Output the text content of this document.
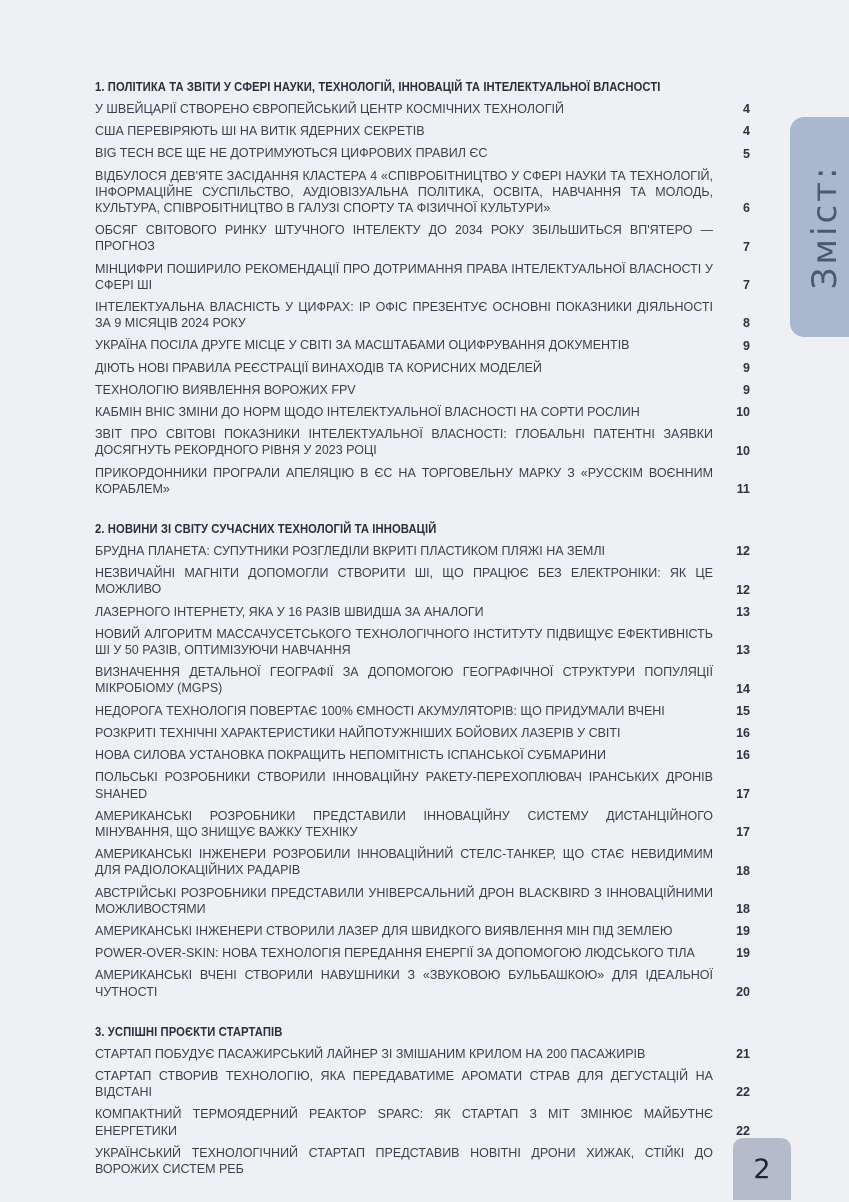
1. ПОЛІТИКА ТА ЗВІТИ У СФЕРІ НАУКИ, ТЕХНОЛОГІЙ, ІННОВАЦІЙ ТА ІНТЕЛЕКТУАЛЬНОЇ ВЛАСНОСТІ
У ШВЕЙЦАРІЇ СТВОРЕНО ЄВРОПЕЙСЬКИЙ ЦЕНТР КОСМІЧНИХ ТЕХНОЛОГІЙ	4
США ПЕРЕВІРЯЮТЬ ШІ НА ВИТІК ЯДЕРНИХ СЕКРЕТІВ	4
BIG TECH ВСЕ ЩЕ НЕ ДОТРИМУЮТЬСЯ ЦИФРОВИХ ПРАВИЛ ЄС	5
ВІДБУЛОСЯ ДЕВ'ЯТЕ ЗАСІДАННЯ КЛАСТЕРА 4 «СПІВРОБІТНИЦТВО У СФЕРІ НАУКИ ТА ТЕХНОЛОГІЙ, ІНФОРМАЦІЙНЕ СУСПІЛЬСТВО, АУДІОВІЗУАЛЬНА ПОЛІТИКА, ОСВІТА, НАВЧАННЯ ТА МОЛОДЬ, КУЛЬТУРА, СПІВРОБІТНИЦТВО В ГАЛУЗІ СПОРТУ ТА ФІЗИЧНОЇ КУЛЬТУРИ»	6
ОБСЯГ СВІТОВОГО РИНКУ ШТУЧНОГО ІНТЕЛЕКТУ ДО 2034 РОКУ ЗБІЛЬШИТЬСЯ ВП'ЯТЕРО — ПРОГНОЗ	7
МІНЦИФРИ ПОШИРИЛО РЕКОМЕНДАЦІЇ ПРО ДОТРИМАННЯ ПРАВА ІНТЕЛЕКТУАЛЬНОЇ ВЛАСНОСТІ У СФЕРІ ШІ	7
ІНТЕЛЕКТУАЛЬНА ВЛАСНІСТЬ У ЦИФРАХ: IP ОФІС ПРЕЗЕНТУЄ ОСНОВНІ ПОКАЗНИКИ ДІЯЛЬНОСТІ ЗА 9 МІСЯЦІВ 2024 РОКУ	8
УКРАЇНА ПОСІЛА ДРУГЕ МІСЦЕ У СВІТІ ЗА МАСШТАБАМИ ОЦИФРУВАННЯ ДОКУМЕНТІВ	9
ДІЮТЬ НОВІ ПРАВИЛА РЕЄСТРАЦІЇ ВИНАХОДІВ ТА КОРИСНИХ МОДЕЛЕЙ	9
ТЕХНОЛОГІЮ ВИЯВЛЕННЯ ВОРОЖИХ FPV	9
КАБМІН ВНІС ЗМІНИ ДО НОРМ ЩОДО ІНТЕЛЕКТУАЛЬНОЇ ВЛАСНОСТІ НА СОРТИ РОСЛИН	10
ЗВІТ ПРО СВІТОВІ ПОКАЗНИКИ ІНТЕЛЕКТУАЛЬНОЇ ВЛАСНОСТІ: ГЛОБАЛЬНІ ПАТЕНТНІ ЗАЯВКИ ДОСЯГНУТЬ РЕКОРДНОГО РІВНЯ У 2023 РОЦІ	10
ПРИКОРДОННИКИ ПРОГРАЛИ АПЕЛЯЦІЮ В ЄС НА ТОРГОВЕЛЬНУ МАРКУ З «РУССКІМ ВОЄННИМ КОРАБЛЕМ»	11
2. НОВИНИ ЗІ СВІТУ СУЧАСНИХ ТЕХНОЛОГІЙ ТА ІННОВАЦІЙ
БРУДНА ПЛАНЕТА: СУПУТНИКИ РОЗГЛЕДІЛИ ВКРИТІ ПЛАСТИКОМ ПЛЯЖІ НА ЗЕМЛІ	12
НЕЗВИЧАЙНІ МАГНІТИ ДОПОМОГЛИ СТВОРИТИ ШІ, ЩО ПРАЦЮЄ БЕЗ ЕЛЕКТРОНІКИ: ЯК ЦЕ МОЖЛИВО	12
ЛАЗЕРНОГО ІНТЕРНЕТУ, ЯКА У 16 РАЗІВ ШВИДША ЗА АНАЛОГИ	13
НОВИЙ АЛГОРИТМ МАССАЧУСЕТСЬКОГО ТЕХНОЛОГІЧНОГО ІНСТИТУТУ ПІДВИЩУЄ ЕФЕКТИВНІСТЬ ШІ У 50 РАЗІВ, ОПТИМІЗУЮЧИ НАВЧАННЯ	13
ВИЗНАЧЕННЯ ДЕТАЛЬНОЇ ГЕОГРАФІЇ ЗА ДОПОМОГОЮ ГЕОГРАФІЧНОЇ СТРУКТУРИ ПОПУЛЯЦІЇ МІКРОБІОМУ (MGPS)	14
НЕДОРОГА ТЕХНОЛОГІЯ ПОВЕРТАЄ 100% ЄМНОСТІ АКУМУЛЯТОРІВ: ЩО ПРИДУМАЛИ ВЧЕНІ	15
РОЗКРИТІ ТЕХНІЧНІ ХАРАКТЕРИСТИКИ НАЙПОТУЖНІШИХ БОЙОВИХ ЛАЗЕРІВ У СВІТІ	16
НОВА СИЛОВА УСТАНОВКА ПОКРАЩИТЬ НЕПОМІТНІСТЬ ІСПАНСЬКОЇ СУБМАРИНИ	16
ПОЛЬСЬКІ РОЗРОБНИКИ СТВОРИЛИ ІННОВАЦІЙНУ РАКЕТУ-ПЕРЕХОПЛЮВАЧ ІРАНСЬКИХ ДРОНІВ SHAHED	17
АМЕРИКАНСЬКІ РОЗРОБНИКИ ПРЕДСТАВИЛИ ІННОВАЦІЙНУ СИСТЕМУ ДИСТАНЦІЙНОГО МІНУВАННЯ, ЩО ЗНИЩУЄ ВАЖКУ ТЕХНІКУ	17
АМЕРИКАНСЬКІ ІНЖЕНЕРИ РОЗРОБИЛИ ІННОВАЦІЙНИЙ СТЕЛС-ТАНКЕР, ЩО СТАЄ НЕВИДИМИМ ДЛЯ РАДІОЛОКАЦІЙНИХ РАДАРІВ	18
АВСТРІЙСЬКІ РОЗРОБНИКИ ПРЕДСТАВИЛИ УНІВЕРСАЛЬНИЙ ДРОН BLACKBIRD З ІННОВАЦІЙНИМИ МОЖЛИВОСТЯМИ	18
АМЕРИКАНСЬКІ ІНЖЕНЕРИ СТВОРИЛИ ЛАЗЕР ДЛЯ ШВИДКОГО ВИЯВЛЕННЯ МІН ПІД ЗЕМЛЕЮ	19
POWER-OVER-SKIN: НОВА ТЕХНОЛОГІЯ ПЕРЕДАННЯ ЕНЕРГІЇ ЗА ДОПОМОГОЮ ЛЮДСЬКОГО ТІЛА	19
АМЕРИКАНСЬКІ ВЧЕНІ СТВОРИЛИ НАВУШНИКИ З «ЗВУКОВОЮ БУЛЬБАШКОЮ» ДЛЯ ІДЕАЛЬНОЇ ЧУТНОСТІ	20
3. УСПІШНІ ПРОЄКТИ СТАРТАПІВ
СТАРТАП ПОБУДУЄ ПАСАЖИРСЬКИЙ ЛАЙНЕР ЗІ ЗМІШАНИМ КРИЛОМ НА 200 ПАСАЖИРІВ	21
СТАРТАП СТВОРИВ ТЕХНОЛОГІЮ, ЯКА ПЕРЕДАВАТИМЕ АРОМАТИ СТРАВ ДЛЯ ДЕГУСТАЦІЙ НА ВІДСТАНІ	22
КОМПАКТНИЙ ТЕРМОЯДЕРНИЙ РЕАКТОР SPARC: ЯК СТАРТАП З MIT ЗМІНЮЄ МАЙБУТНЄ ЕНЕРГЕТИКИ	22
УКРАЇНСЬКИЙ ТЕХНОЛОГІЧНИЙ СТАРТАП ПРЕДСТАВИВ НОВІТНІ ДРОНИ ХИЖАК, СТІЙКІ ДО ВОРОЖИХ СИСТЕМ РЕБ
Зміст:
2
